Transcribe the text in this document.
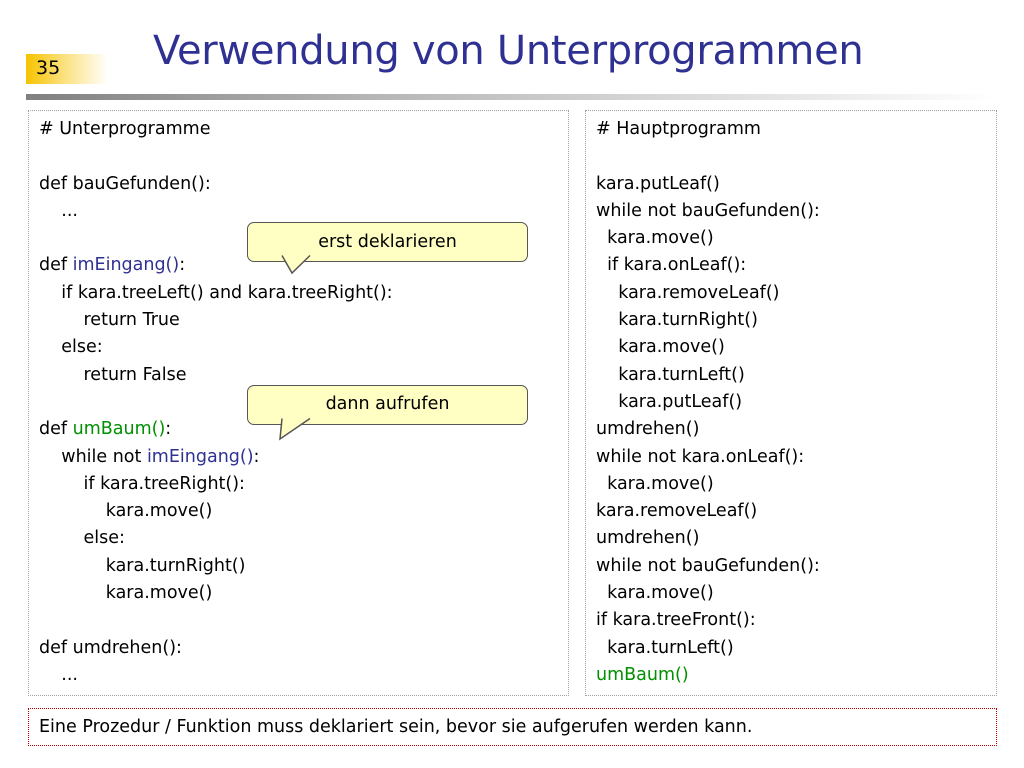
35 Verwendung von Unterprogrammen
# Unterprogramme

def bauGefunden():
...

def imEingang():
if kara.treeLeft() and kara.treeRight():
return True
else:
return False

def umBaum():
while not imEingang():
if kara.treeRight():
kara.move()
else:
kara.turnRight()
kara.move()

def umdrehen():
...
# Hauptprogramm

kara.putLeaf()
while not bauGefunden():
kara.move()
if kara.onLeaf():
kara.removeLeaf()
kara.turnRight()
kara.move()
kara.turnLeft()
kara.putLeaf()
umdrehen()
while not kara.onLeaf():
kara.move()
kara.removeLeaf()
umdrehen()
while not bauGefunden():
kara.move()
if kara.treeFront():
kara.turnLeft()
umBaum()
erst deklarieren
dann aufrufen
Eine Prozedur / Funktion muss deklariert sein, bevor sie aufgerufen werden kann.
